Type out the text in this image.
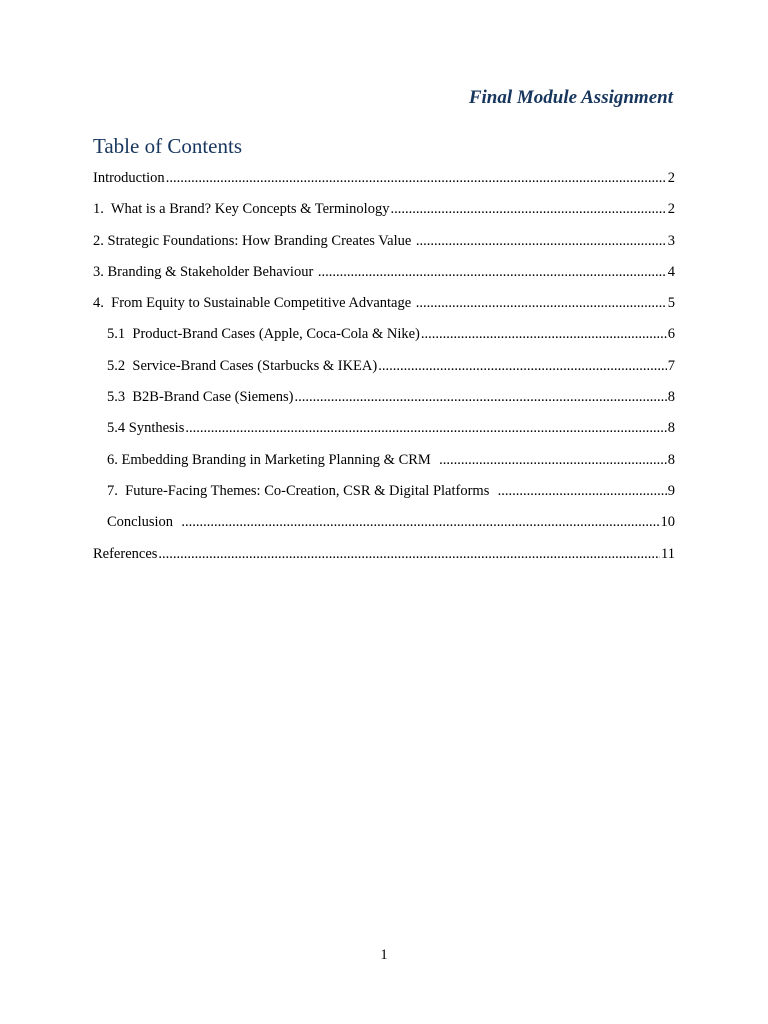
Final Module Assignment
Table of Contents
Introduction .....	2
1.  What is a Brand? Key Concepts & Terminology .....	2
2. Strategic Foundations: How Branding Creates Value .....	3
3. Branding & Stakeholder Behaviour .....	4
4.  From Equity to Sustainable Competitive Advantage .....	5
5.1  Product-Brand Cases (Apple, Coca-Cola & Nike) .....	6
5.2  Service-Brand Cases (Starbucks & IKEA) .....	7
5.3  B2B-Brand Case (Siemens) .....	8
5.4 Synthesis .....	8
6. Embedding Branding in Marketing Planning & CRM .....	8
7.  Future-Facing Themes: Co-Creation, CSR & Digital Platforms .....	9
Conclusion .....	10
References .....	11
1
